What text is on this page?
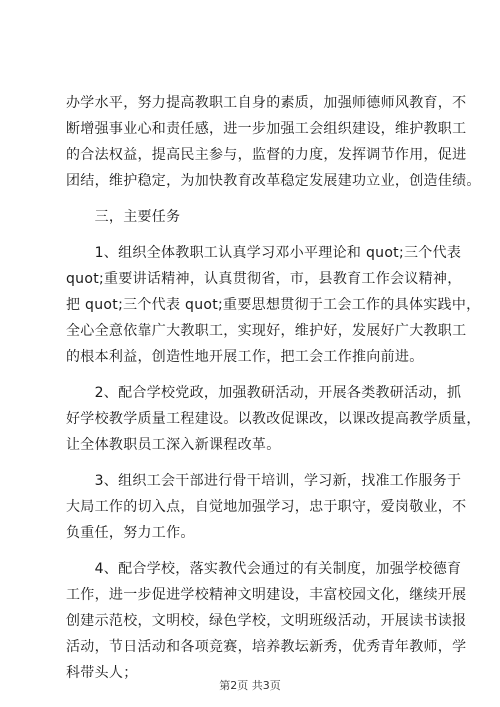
办学水平，努力提高教职工自身的素质，加强师德师风教育，不
断增强事业心和责任感，进一步加强工会组织建设，维护教职工
的合法权益，提高民主参与，监督的力度，发挥调节作用，促进
团结，维护稳定，为加快教育改革稳定发展建功立业，创造佳绩。
　　三，主要任务
　　1、组织全体教职工认真学习邓小平理论和 quot;三个代表
quot;重要讲话精神，认真贯彻省，市，县教育工作会议精神，
把 quot;三个代表 quot;重要思想贯彻于工会工作的具体实践中，
全心全意依靠广大教职工，实现好，维护好，发展好广大教职工
的根本利益，创造性地开展工作，把工会工作推向前进。
　　2、配合学校党政，加强教研活动，开展各类教研活动，抓
好学校教学质量工程建设。以教改促课改，以课改提高教学质量，
让全体教职员工深入新课程改革。
　　3、组织工会干部进行骨干培训，学习新，找准工作服务于
大局工作的切入点，自觉地加强学习，忠于职守，爱岗敬业，不
负重任，努力工作。
　　4、配合学校，落实教代会通过的有关制度，加强学校德育
工作，进一步促进学校精神文明建设，丰富校园文化，继续开展
创建示范校，文明校，绿色学校，文明班级活动，开展读书读报
活动，节日活动和各项竞赛，培养教坛新秀，优秀青年教师，学
科带头人；
第2页 共3页
